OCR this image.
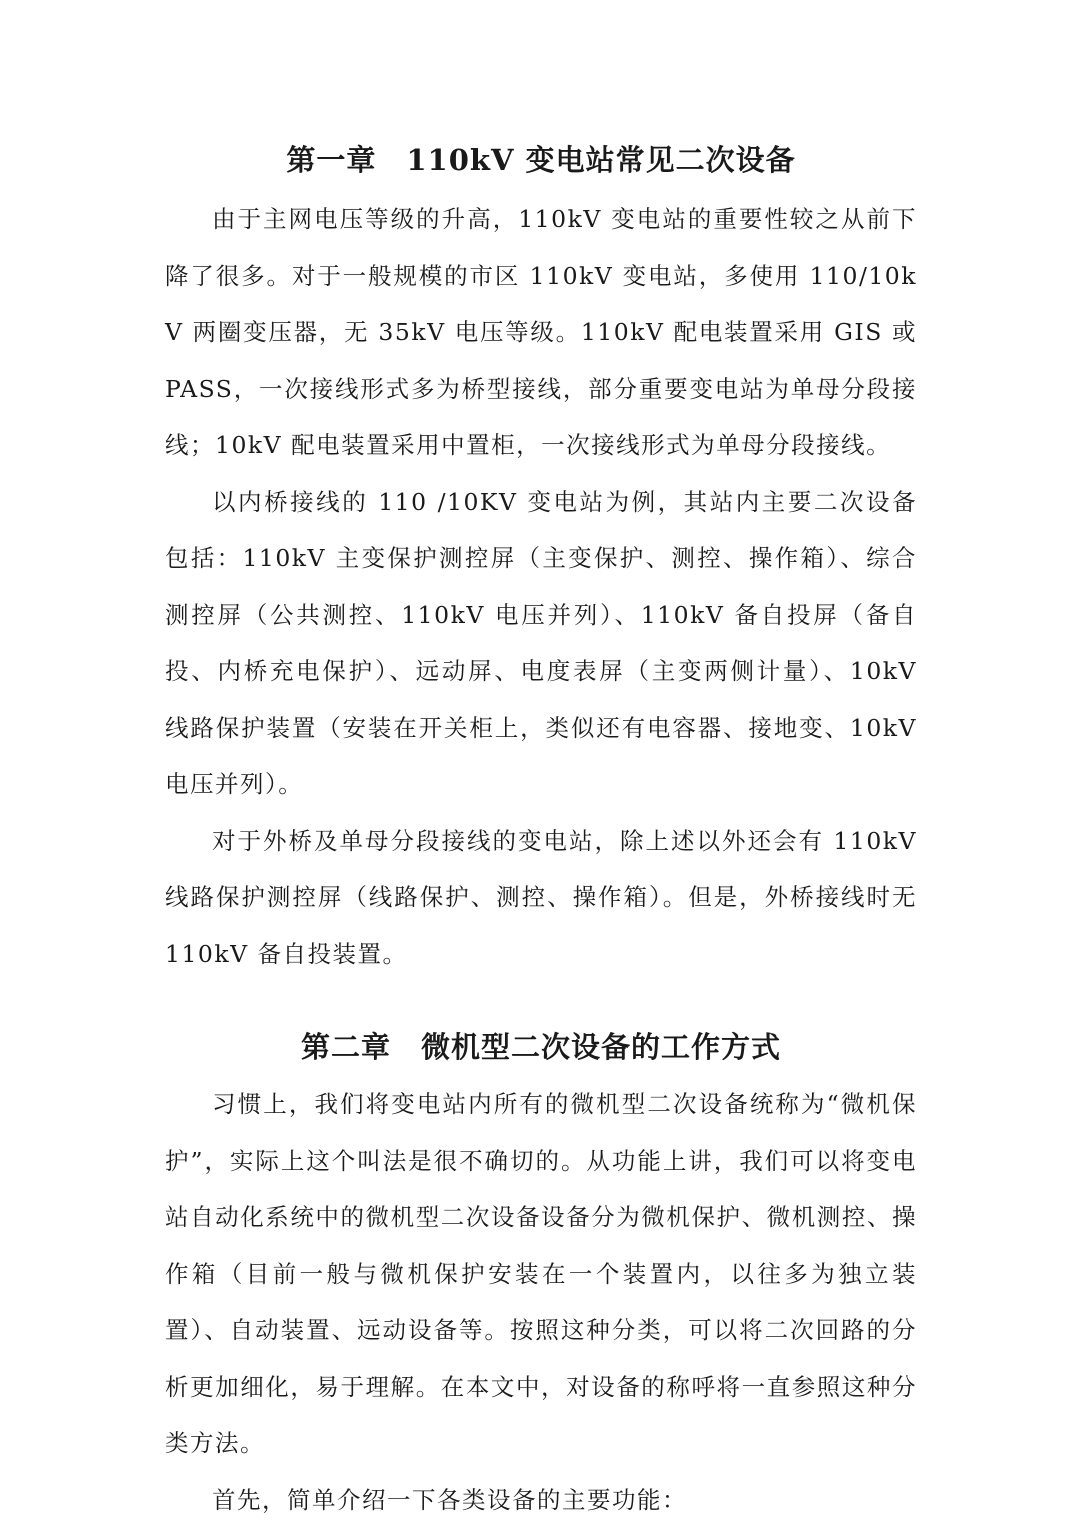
第一章　110kV 变电站常见二次设备

由于主网电压等级的升高，110kV 变电站的重要性较之从前下降了很多。对于一般规模的市区 110kV 变电站，多使用 110/10kV 两圈变压器，无 35kV 电压等级。110kV 配电装置采用 GIS 或 PASS，一次接线形式多为桥型接线，部分重要变电站为单母分段接线；10kV 配电装置采用中置柜，一次接线形式为单母分段接线。

以内桥接线的 110 /10KV 变电站为例，其站内主要二次设备包括：110kV 主变保护测控屏（主变保护、测控、操作箱）、综合测控屏（公共测控、110kV 电压并列）、110kV 备自投屏（备自投、内桥充电保护）、远动屏、电度表屏（主变两侧计量）、10kV 线路保护装置（安装在开关柜上，类似还有电容器、接地变、10kV 电压并列）。

对于外桥及单母分段接线的变电站，除上述以外还会有 110kV 线路保护测控屏（线路保护、测控、操作箱）。但是，外桥接线时无 110kV 备自投装置。

第二章　微机型二次设备的工作方式

习惯上，我们将变电站内所有的微机型二次设备统称为“微机保护”，实际上这个叫法是很不确切的。从功能上讲，我们可以将变电站自动化系统中的微机型二次设备设备分为微机保护、微机测控、操作箱（目前一般与微机保护安装在一个装置内，以往多为独立装置）、自动装置、远动设备等。按照这种分类，可以将二次回路的分析更加细化，易于理解。在本文中，对设备的称呼将一直参照这种分类方法。

首先，简单介绍一下各类设备的主要功能：
